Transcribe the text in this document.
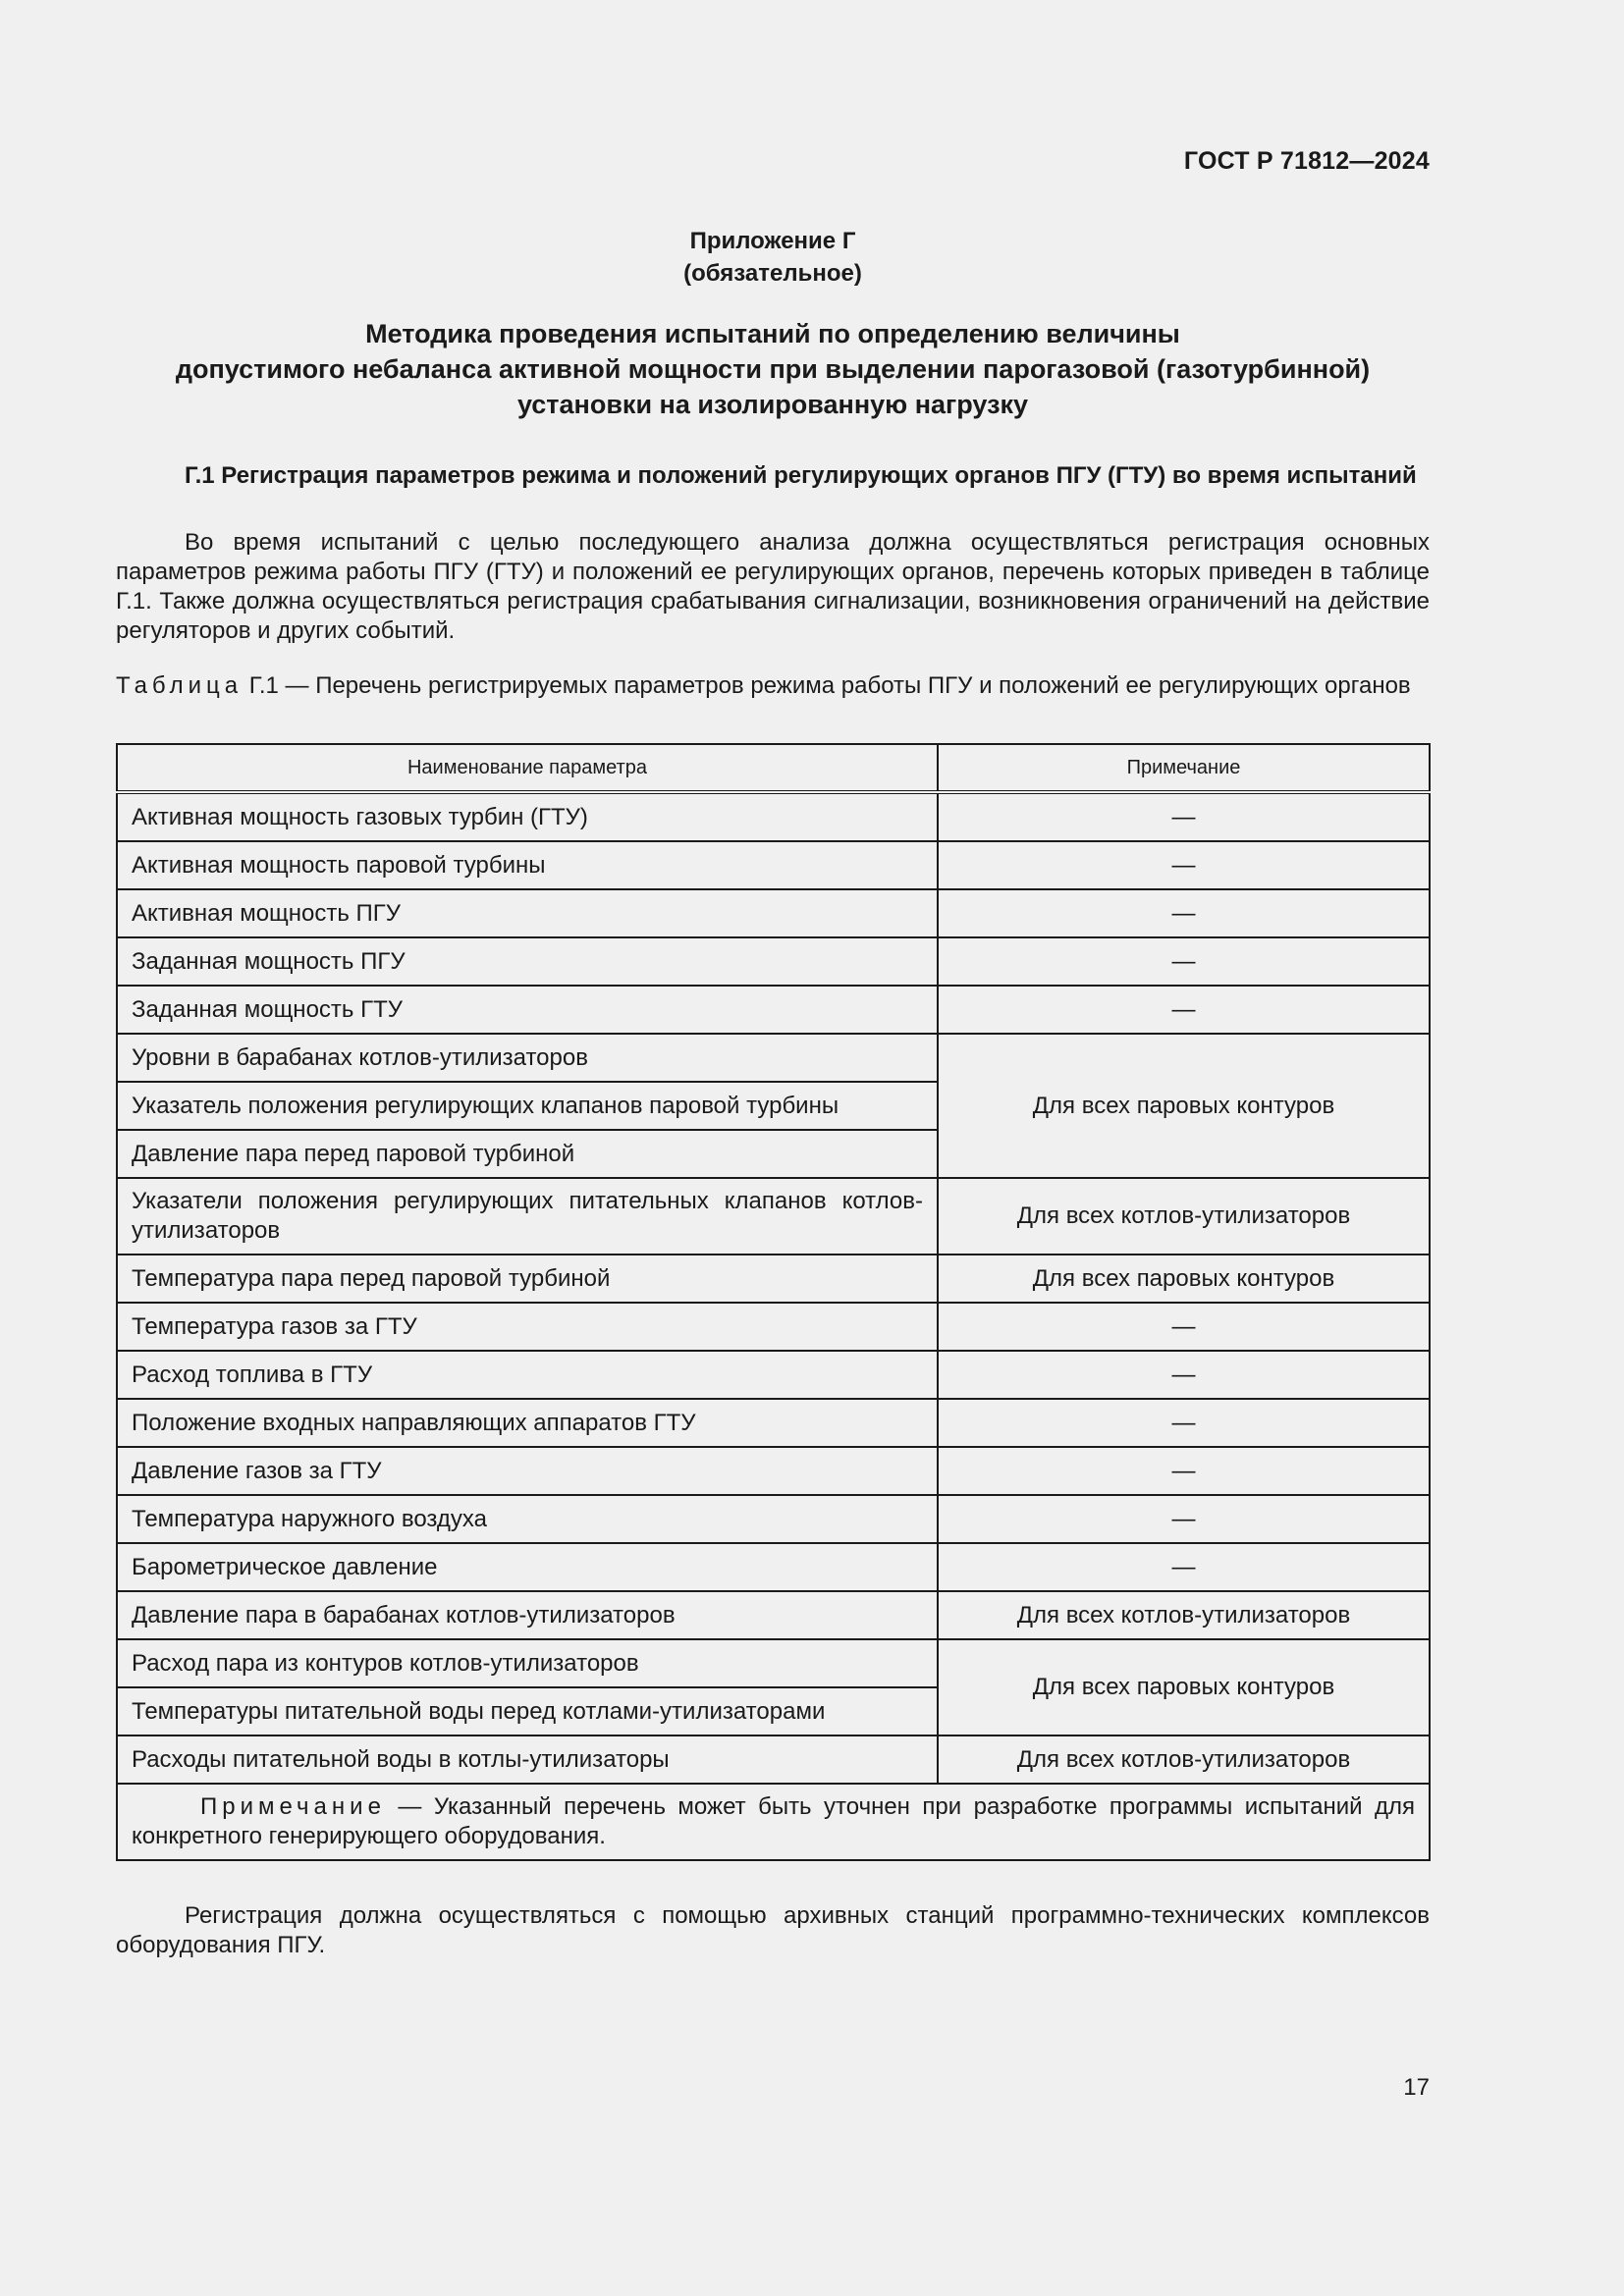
ГОСТ Р 71812—2024
Приложение Г
(обязательное)
Методика проведения испытаний по определению величины
допустимого небаланса активной мощности при выделении парогазовой (газотурбинной)
установки на изолированную нагрузку
Г.1 Регистрация параметров режима и положений регулирующих органов ПГУ (ГТУ) во время испытаний
Во время испытаний с целью последующего анализа должна осуществляться регистрация основных параметров режима работы ПГУ (ГТУ) и положений ее регулирующих органов, перечень которых приведен в таблице Г.1. Также должна осуществляться регистрация срабатывания сигнализации, возникновения ограничений на действие регуляторов и других событий.
Таблица Г.1 — Перечень регистрируемых параметров режима работы ПГУ и положений ее регулирующих органов
Наименование параметра	Примечание
Активная мощность газовых турбин (ГТУ)	—
Активная мощность паровой турбины	—
Активная мощность ПГУ	—
Заданная мощность ПГУ	—
Заданная мощность ГТУ	—
Уровни в барабанах котлов-утилизаторов	Для всех паровых контуров
Указатель положения регулирующих клапанов паровой турбины	
Давление пара перед паровой турбиной	
Указатели положения регулирующих питательных клапанов котлов-утилизаторов	Для всех котлов-утилизаторов
Температура пара перед паровой турбиной	Для всех паровых контуров
Температура газов за ГТУ	—
Расход топлива в ГТУ	—
Положение входных направляющих аппаратов ГТУ	—
Давление газов за ГТУ	—
Температура наружного воздуха	—
Барометрическое давление	—
Давление пара в барабанах котлов-утилизаторов	Для всех котлов-утилизаторов
Расход пара из контуров котлов-утилизаторов	Для всех паровых контуров
Температуры питательной воды перед котлами-утилизаторами	
Расходы питательной воды в котлы-утилизаторы	Для всех котлов-утилизаторов
Примечание — Указанный перечень может быть уточнен при разработке программы испытаний для конкретного генерирующего оборудования.	
Регистрация должна осуществляться с помощью архивных станций программно-технических комплексов оборудования ПГУ.
17
